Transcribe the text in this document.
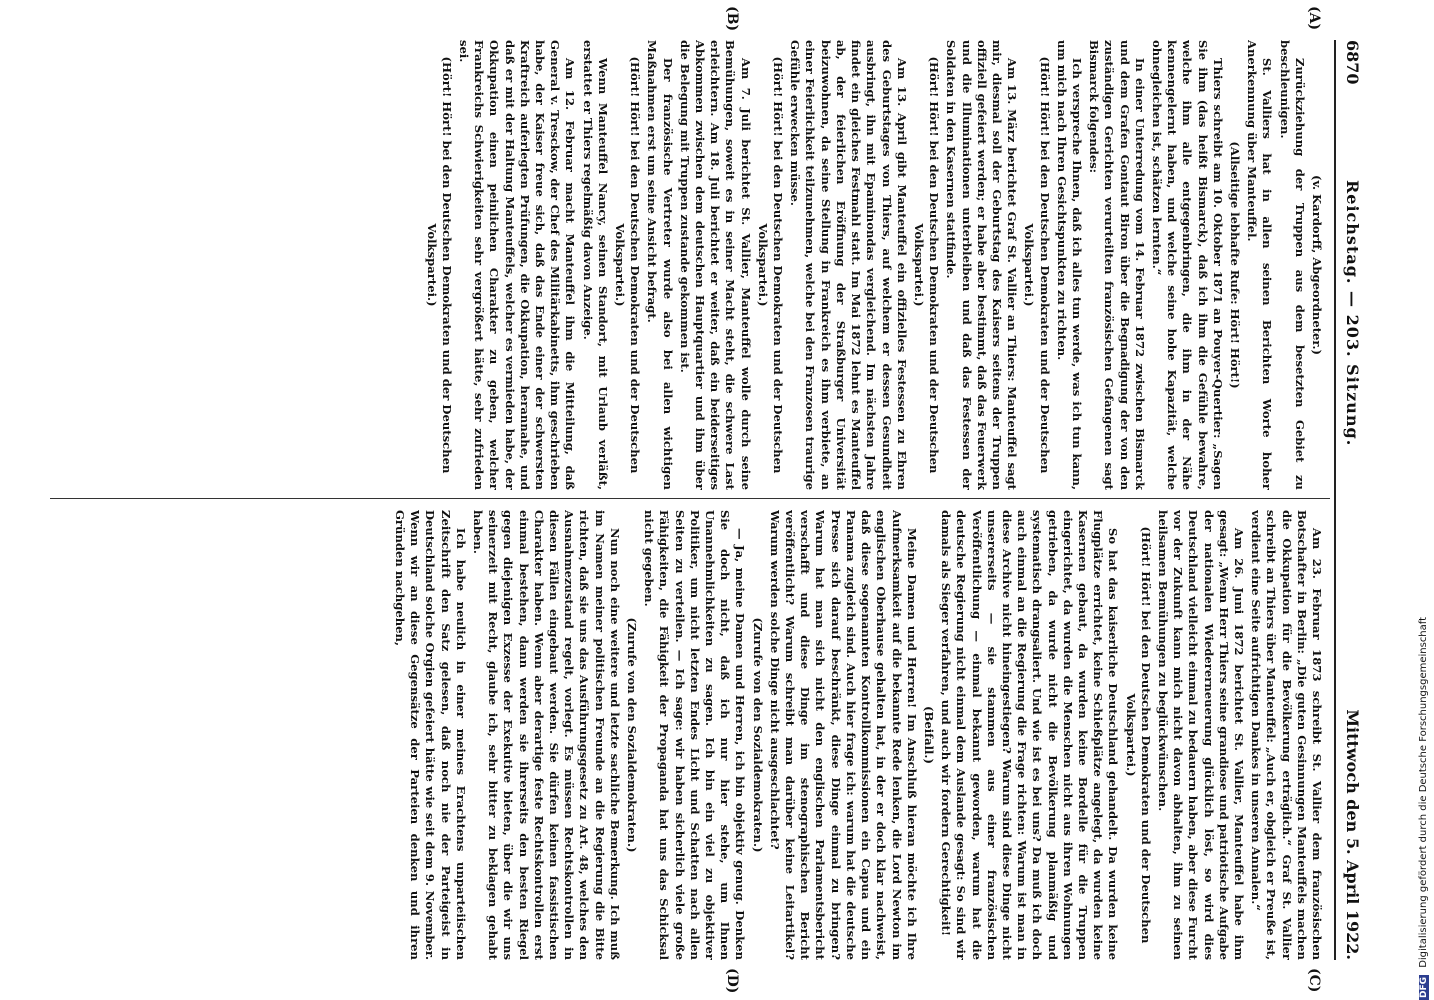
6870
Reichstag. — 203. Sitzung.
Mittwoch den 5. April 1922.
(A)
(B)
(C)
(D)

(v. Kardorff, Abgeordneter.)

Zurückziehung der Truppen aus dem besetzten Gebiet zu beschleunigen.

St. Valliers hat in allen seinen Berichten Worte hoher Anerkennung über Manteuffel.

(Allseitige lebhafte Rufe: Hört! Hört!)

Thiers schreibt am 10. Oktober 1871 an Pouyer-Quertier: „Sagen Sie ihm (das heißt Bismarck), daß ich ihm die Gefühle bewahre, welche ihm alle entgegenbringen, die ihm in der Nähe kennengelernt haben, und welche seine hohe Kapazität, welche ohnegleichen ist, schätzen lernten.“

In einer Unterredung vom 14. Februar 1872 zwischen Bismarck und dem Grafen Gontaut Biron über die Begnadigung der von den zuständigen Gerichten verurteilten französischen Gefangenen sagt Bismarck folgendes:

Ich verspreche Ihnen, daß ich alles tun werde, was ich tun kann, um mich nach Ihren Gesichtspunkten zu richten.

(Hört! Hört! bei den Deutschen Demokraten und der Deutschen Volkspartei.)

Am 13. März berichtet Graf St. Vallier an Thiers: Manteuffel sagt mir, diesmal soll der Geburtstag des Kaisers seitens der Truppen offiziell gefeiert werden; er habe aber bestimmt, daß das Feuerwerk und die Illuminationen unterbleiben und daß das Festessen der Soldaten in den Kasernen stattfinde.

(Hört! Hört! bei den Deutschen Demokraten und der Deutschen Volkspartei.)

Am 13. April gibt Manteuffel ein offizielles Festessen zu Ehren des Geburtstages von Thiers, auf welchem er dessen Gesundheit ausbringt, ihn mit Epaminondas vergleichend. Im nächsten Jahre findet ein gleiches Festmahl statt. Im Mai 1872 lehnt es Manteuffel ab, der feierlichen Eröffnung der Straßburger Universität beizuwohnen, da seine Stellung in Frankreich es ihm verbiete, an einer Feierlichkeit teilzunehmen, welche bei den Franzosen traurige Gefühle erwecken müsse.

(Hört! Hört! bei den Deutschen Demokraten und der Deutschen Volkspartei.)

Am 7. Juli berichtet St. Vallier, Manteuffel wolle durch seine Bemühungen, soweit es in seiner Macht steht, die schwere Last erleichtern. Am 18. Juli berichtet er weiter, daß ein beiderseitiges Abkommen zwischen dem deutschen Hauptquartier und ihm über die Belegung mit Truppen zustande gekommen ist.

Der französische Vertreter wurde also bei allen wichtigen Maßnahmen erst um seine Ansicht befragt.

(Hört! Hört! bei den Deutschen Demokraten und der Deutschen Volkspartei.)

Wenn Manteuffel Nancy, seinen Standort, mit Urlaub verläßt, erstattet er Thiers regelmäßig davon Anzeige.

Am 12. Februar macht Manteuffel ihm die Mitteilung, daß General v. Tresckow, der Chef des Militärkabinetts, ihm geschrieben habe, der Kaiser freue sich, daß das Ende einer der schwersten Kraftreich auferlegten Prüfungen, die Okkupation, herannahe, und daß er mit der Haltung Manteuffels, welcher es vermieden habe, der Okkupation einen peinlichen Charakter zu geben, welcher Frankreichs Schwierigkeiten sehr vergrößert hätte, sehr zufrieden sei.

(Hört! Hört! bei den Deutschen Demokraten und der Deutschen Volkspartei.)

Am 23. Februar 1873 schreibt St. Vallier dem französischen Botschafter in Berlin: „Die guten Gesinnungen Manteuffels machen die Okkupation für die Bevölkerung erträglich.“ Graf St. Vallier schreibt an Thiers über Manteuffel: „Auch er, obgleich er Preuße ist, verdient eine Seite aufrichtigen Dankes in unseren Annalen.“

Am 26. Juni 1872 berichtet St. Vallier, Manteuffel habe ihm gesagt: „Wenn Herr Thiers seine grandiose und patriotische Aufgabe der nationalen Wiedererneuerung glücklich löst, so wird dies Deutschland vielleicht einmal zu bedauern haben, aber diese Furcht vor der Zukunft kann mich nicht davon abhalten, ihm zu seinen heilsamen Bemühungen zu beglückwünschen.

(Hört! Hört! bei den Deutschen Demokraten und der Deutschen Volkspartei.)

So hat das kaiserliche Deutschland gehandelt. Da wurden keine Flugplätze errichtet, keine Schießplätze angelegt, da wurden keine Kasernen gebaut, da wurden keine Bordelle für die Truppen eingerichtet, da wurden die Menschen nicht aus ihren Wohnungen getrieben, da wurde nicht die Bevölkerung planmäßig und systematisch drangsaliert. Und wie ist es bei uns? Da muß ich doch auch einmal an die Regierung die Frage richten: Warum ist man in diese Archive nicht hineingestiegen? Warum sind diese Dinge nicht unsererseits — sie stammen aus einer französischen Veröffentlichung — einmal bekannt geworden, warum hat die deutsche Regierung nicht einmal dem Auslande gesagt: So sind wir damals als Sieger verfahren, und auch wir fordern Gerechtigkeit!

(Beifall.)

Meine Damen und Herren! Im Anschluß hieran möchte ich Ihre Aufmerksamkeit auf die bekannte Rede lenken, die Lord Newton im englischen Oberhause gehalten hat, in der er doch klar nachweist, daß diese sogenannten Kontrollkommissionen ein Capua und ein Panama zugleich sind. Auch hier frage ich: warum hat die deutsche Presse sich darauf beschränkt, diese Dinge einmal zu bringen? Warum hat man sich nicht den englischen Parlamentsbericht verschafft und diese Dinge im stenographischen Bericht veröffentlicht? Warum schreibt man darüber keine Leitartikel? Warum werden solche Dinge nicht ausgeschlachtet?

(Zurufe von den Sozialdemokraten.)

— Ja, meine Damen und Herren, ich bin objektiv genug. Denken Sie doch nicht, daß ich nur hier stehe, um Ihnen Unannehmlichkeiten zu sagen. Ich bin ein viel zu objektiver Politiker, um nicht letzten Endes Licht und Schatten nach allen Seiten zu verteilen. — Ich sage: wir haben sicherlich viele große Fähigkeiten, die Fähigkeit der Propaganda hat uns das Schicksal nicht gegeben.

(Zurufe von den Sozialdemokraten.)

Nun noch eine weitere und letzte sachliche Bemerkung. Ich muß im Namen meiner politischen Freunde an die Regierung die Bitte richten, daß sie uns das Ausführungsgesetz zu Art. 48, welches den Ausnahmezustand regelt, vorlegt. Es müssen Rechtskontrollen in diesen Fällen eingebaut werden. Sie dürfen keinen fassistischen Charakter haben. Wenn aber derartige feste Rechtskontrollen erst einmal bestehen, dann werden sie ihrerseits den besten Riegel gegen diejenigen Exzesse der Exekutive bieten, über die wir uns seinerzeit mit Recht, glaube ich, sehr bitter zu beklagen gehabt haben.

Ich habe neulich in einer meines Erachtens unparteiischen Zeitschrift den Satz gelesen, daß noch nie der Parteigeist in Deutschland solche Orgien gefeiert hätte wie seit dem 9. November. Wenn wir an diese Gegensätze der Parteien denken und ihren Gründen nachgehen,

DFG Digitalisierung gefördert durch die Deutsche Forschungsgemeinschaft
